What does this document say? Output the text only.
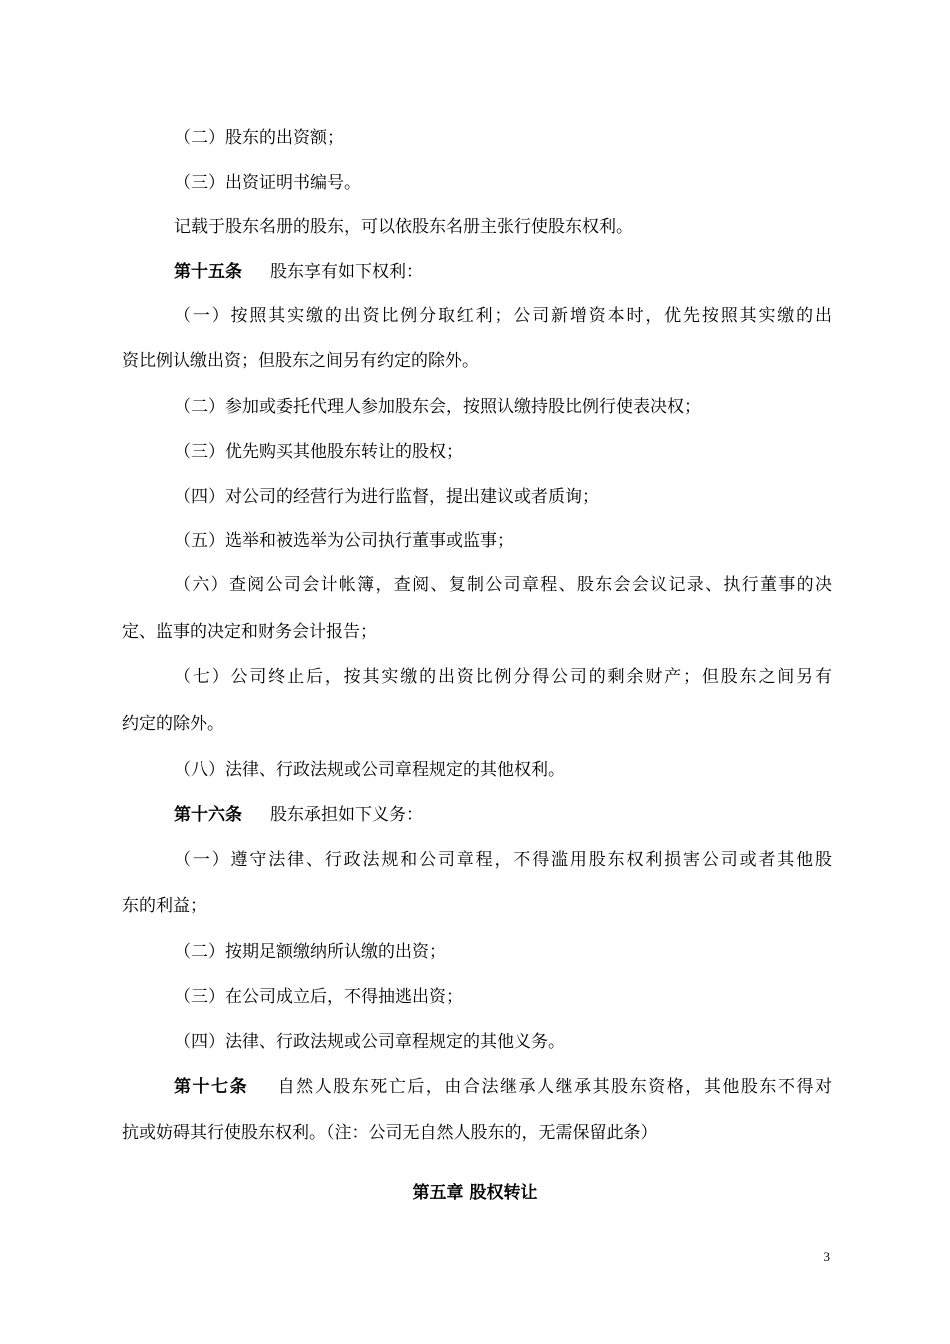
（二）股东的出资额；
（三）出资证明书编号。
记载于股东名册的股东，可以依股东名册主张行使股东权利。
第十五条 股东享有如下权利：
（一）按照其实缴的出资比例分取红利；公司新增资本时，优先按照其实缴的出
资比例认缴出资；但股东之间另有约定的除外。
（二）参加或委托代理人参加股东会，按照认缴持股比例行使表决权；
（三）优先购买其他股东转让的股权；
（四）对公司的经营行为进行监督，提出建议或者质询；
（五）选举和被选举为公司执行董事或监事；
（六）查阅公司会计帐簿，查阅、复制公司章程、股东会会议记录、执行董事的决
定、监事的决定和财务会计报告；
（七）公司终止后，按其实缴的出资比例分得公司的剩余财产；但股东之间另有
约定的除外。
（八）法律、行政法规或公司章程规定的其他权利。
第十六条 股东承担如下义务：
（一）遵守法律、行政法规和公司章程，不得滥用股东权利损害公司或者其他股
东的利益；
（二）按期足额缴纳所认缴的出资；
（三）在公司成立后，不得抽逃出资；
（四）法律、行政法规或公司章程规定的其他义务。
第十七条 自然人股东死亡后，由合法继承人继承其股东资格，其他股东不得对
抗或妨碍其行使股东权利。（注：公司无自然人股东的，无需保留此条）
第五章 股权转让
3
